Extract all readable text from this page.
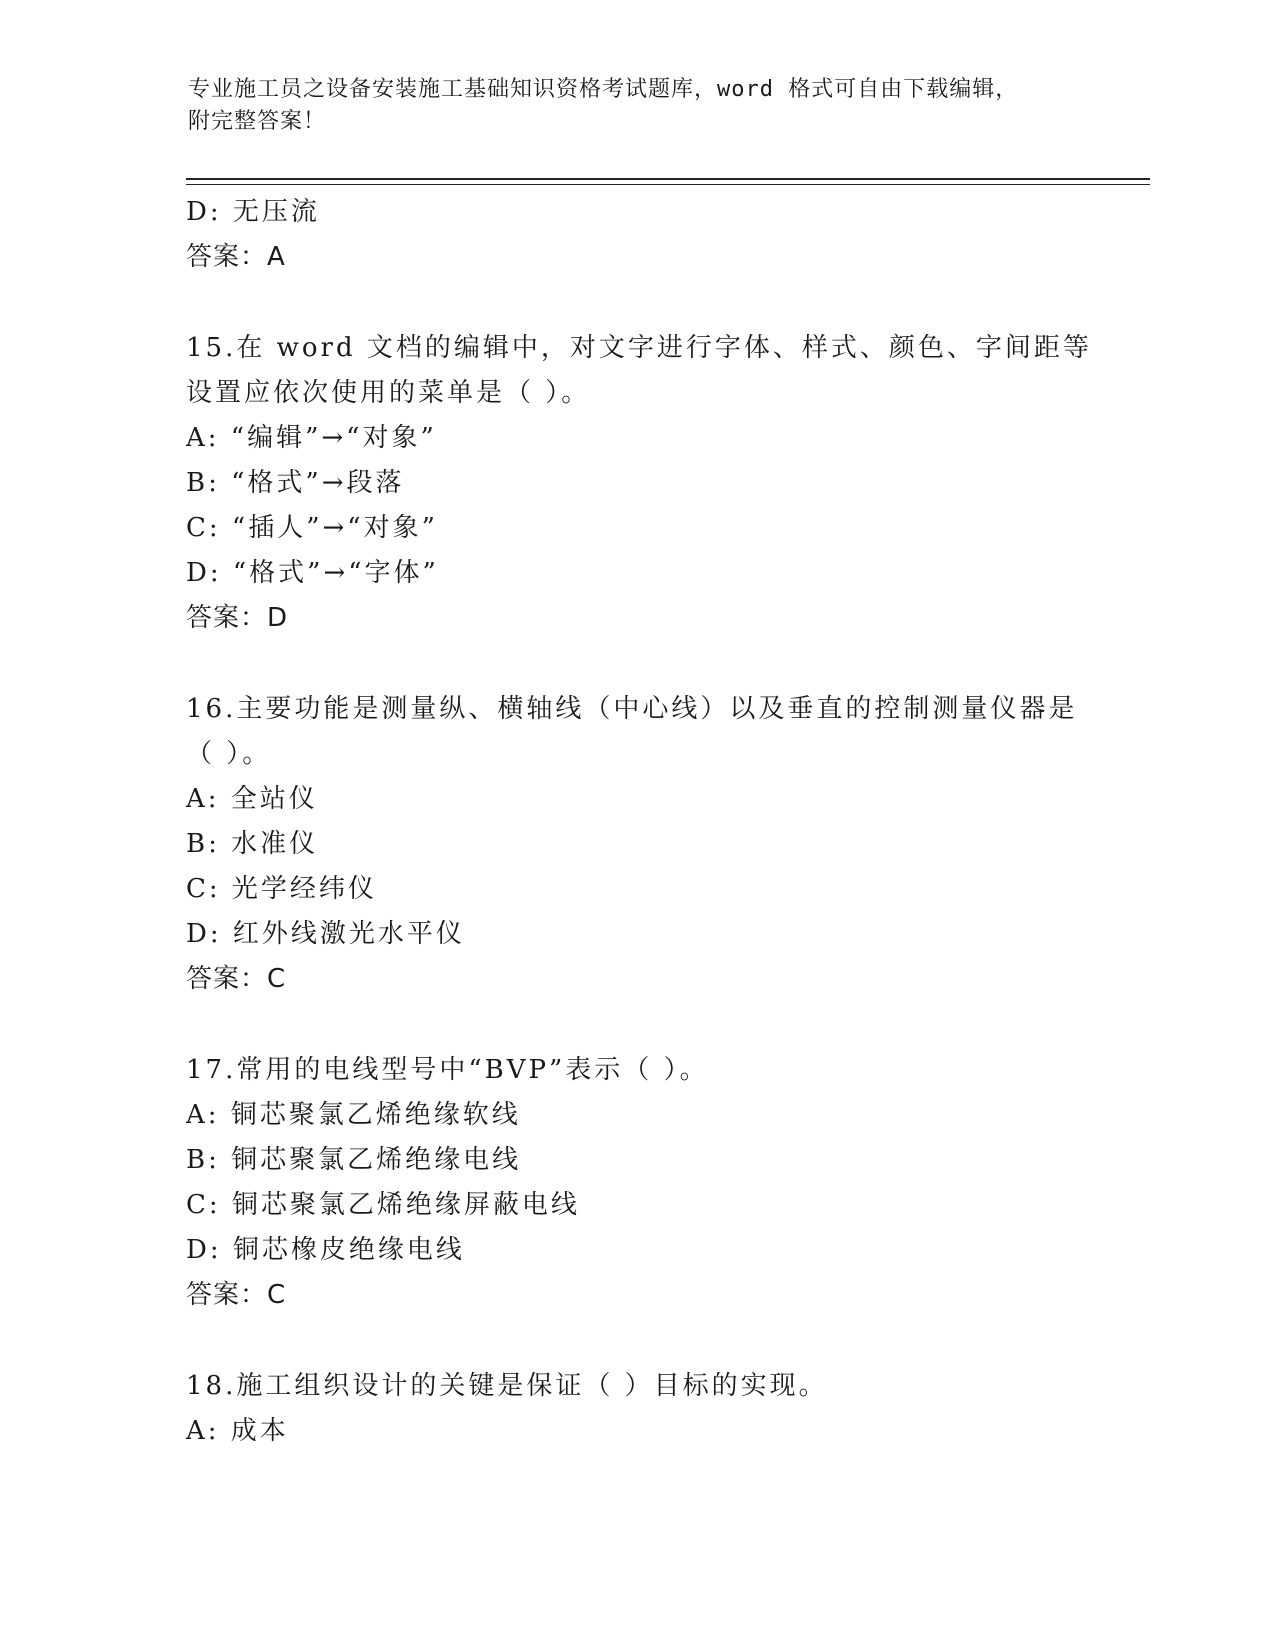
专业施工员之设备安装施工基础知识资格考试题库，word 格式可自由下载编辑，
附完整答案！
D: 无压流
答案：A
15.在 word 文档的编辑中，对文字进行字体、样式、颜色、字间距等
设置应依次使用的菜单是（ ）。
A: “编辑”→“对象”
B: “格式”→段落
C: “插人”→“对象”
D: “格式”→“字体”
答案：D
16.主要功能是测量纵、横轴线（中心线）以及垂直的控制测量仪器是
（ ）。
A: 全站仪
B: 水准仪
C: 光学经纬仪
D: 红外线激光水平仪
答案：C
17.常用的电线型号中“BVP”表示（ ）。
A: 铜芯聚氯乙烯绝缘软线
B: 铜芯聚氯乙烯绝缘电线
C: 铜芯聚氯乙烯绝缘屏蔽电线
D: 铜芯橡皮绝缘电线
答案：C
18.施工组织设计的关键是保证（ ）目标的实现。
A: 成本
